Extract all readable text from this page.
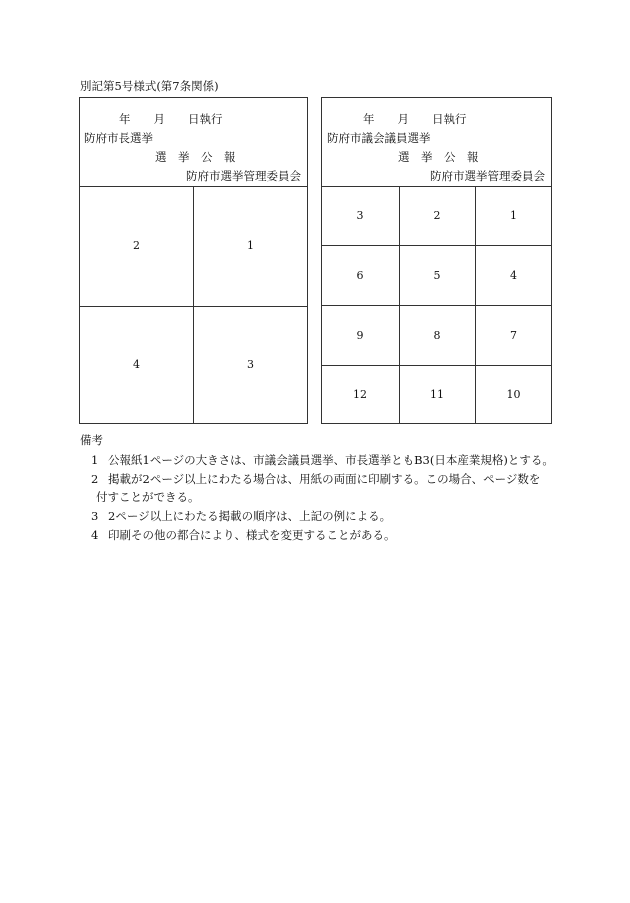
別記第5号様式(第7条関係)
年　　月　　日執行
防府市長選挙
選　挙　公　報
防府市選挙管理委員会
2	1
4	3
年　　月　　日執行
防府市議会議員選挙
選　挙　公　報
防府市選挙管理委員会
3	2	1
6	5	4
9	8	7
12	11	10
備考
1 公報紙1ページの大きさは、市議会議員選挙、市長選挙ともB3(日本産業規格)とする。
2 掲載が2ページ以上にわたる場合は、用紙の両面に印刷する。この場合、ページ数を
付すことができる。
3 2ページ以上にわたる掲載の順序は、上記の例による。
4 印刷その他の都合により、様式を変更することがある。
